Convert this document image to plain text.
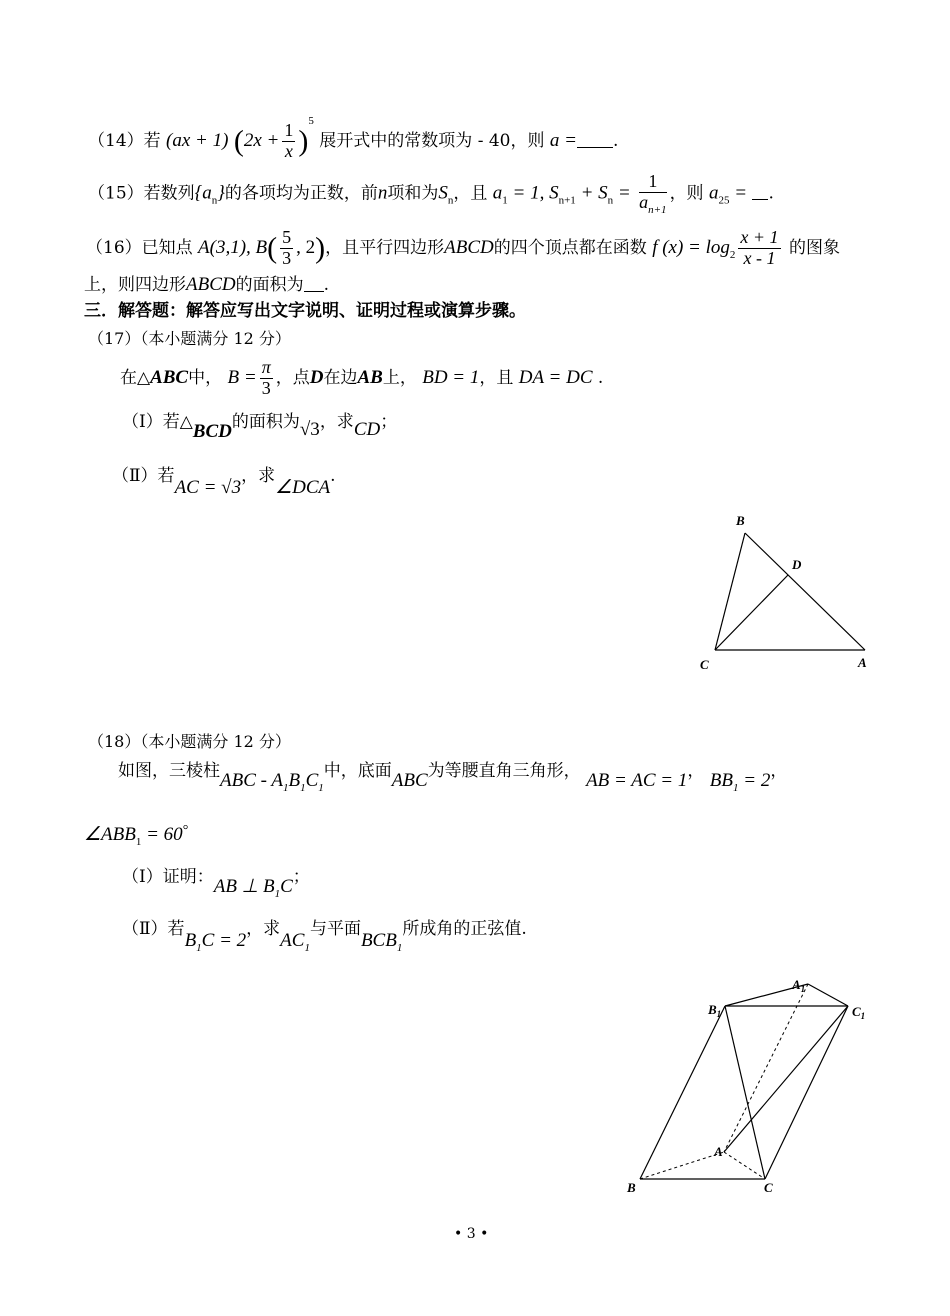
（14）若 (ax + 1) $(2x + \frac{1}{x} )^5$ 展开式中的常数项为 - 40，则 a = .
（15）若数列$\{a_n\}$的各项均为正数，前n项和为$S_n$，且 $a_1 = 1$, $S_{n+1} + S_n = \frac{1}{a_{n+1}}$ ，则 $a_{25}$ = .
（16）已知点 A(3,1), $B( \frac{5}{3}$ , 2)，且平行四边形ABCD的四个顶点都在函数 f $(x) = \log_2 \frac{x + 1}{x - 1}$ 的图象
上，则四边形ABCD的面积为 .
三．解答题：解答应写出文字说明、证明过程或演算步骤。
（17）（本小题满分 12 分）
在△ABC中， $B = \frac{\pi}{3}$ ，点D在边AB上， BD = 1，且 DA = DC .
（Ⅰ）若△BCD的面积为√3，求CD；
（Ⅱ）若AC = √3，求∠DCA.
B
D
C	A
（18）（本小题满分 12 分）
如图，三棱柱ABC - $A_1B_1C_1$中，底面ABC为等腰直角三角形， AB = AC = 1， $BB_1 = 2$，
$\angle ABB_1 = 60^\circ$
（Ⅰ）证明：AB ⊥ $B_1C$；
（Ⅱ）若$B_1C = 2$，求$AC_1$与平面$BCB_1$所成角的正弦值.
$A_1$
$B_1$	$C_1$
A
B	C
• 3 •
